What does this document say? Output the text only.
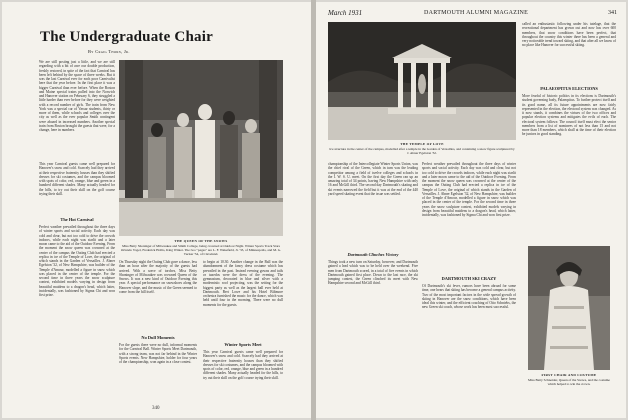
The Undergraduate Chair
By Craig Thorn, Jr.
We are still posting just a little, and we are still regarding with a bit of awe our double production, freshly restored, in spite of the fact that Carnival has been left behind by the space of three weeks. But it was the last Carnival ever for each poor Carnivalist here that the year before. In the first place it was a bigger Carnival than ever before. When the Boston and Maine special trains pulled into the Norwich and Hanover station on February 6, they struggled a little harder than ever before for they were weighted with a record number of girls. The train from New York was a special car of Vassar students, thirty or more of them, while schools and colleges over the city as well as the ever popular Smith contingent were aboard in increased numbers. Another special train from Boston brought the guests that were, for a change, here in numbers.
This year Carnival guests came well prepared for Hanover's snow and cold. Scarcely had they arrived at their respective fraternity houses than they shifted dresses for ski costumes, and the campus bloomed with spots of color, red, orange, blue and green in a hundred different shades. Many actually headed for the hills, to try out their skill on the golf course trying their skill.
The Hot Carnival
Perfect weather prevailed throughout the three days of winter sports and social activity. Each day was cold and clear, but not too cold to drive the crowds indoors, while each night was starlit and a later moon came to the aid of the Outdoor Evening. From the moment the snow queen was crowned at the center of the campus the Outing Club had erected a replica in ice of the Temple of Love, the original of which stands in the Garden of Versailles. J. Abner Egelston '32, of New Hampshire, was builder of the Temple d'Amour, modelled a figure in snow which was placed in the center of the temple. For the second time in three years the snow sculpture contest, exhibited models varying in design from beautiful maidens to a dragon's head, which latter, incidentally, was fashioned by Sigma Chi and won first prize.
THE QUEEN OF THE SNOWS
Miss Betty Shoninger of Milwaukee and Smith College, being crowned at Outdoor Night. Winter Sports Track Stars Orlando Vogel, Frederick Hollis, King Winter. The two "pages" are L. F. Wakefield, Jr. '33, of Minneapolis, and M. G. Tucker '34, of Cleveland.
On Thursday night the Outing Club gave a dance, less than an hour after the majority of the guests had arrived. With a wave of torches, Miss Betty Shoninger of Milwaukee was crowned Queen of the Snows. It was a new kind of Outdoor Evening this year. A special performance on snowshoes along the Hanover slope, and the music of the Green seemed to come from the hill itself.
No Dull Moments
For the guests there were no dull, informal moments for the Carnival Ball. Winter Sports Meet Dartmouth, with a strong team, was not far behind in the Winter Sports events. New Hampshire, holder for four years of the championship, won again in a close contest.
to begin at 10.30. Another change in the Ball was the abandonment of the fancy dress costume which has prevailed in the past. Instead evening gowns and tails or tuxedos were the dress of the evening. The gymnasium, decorated in blue and silver with a modernistic roof projecting, was the setting for the biggest party as well as the largest ball ever held at Dartmouth. Bert Lowe and his Hotel Biltmore orchestra furnished the music for the dance, which was held until four in the morning. There were no dull moments for the guests.
Winter Sports Meet
This year Carnival guests came well prepared for Hanover's snow and cold. Scarcely had they arrived at their respective fraternity houses than they shifted dresses for ski costumes, and the campus bloomed with spots of color, red, orange, blue and green in a hundred different shades. Many actually headed for the hills, to try out their skill on the golf course trying their skill.
340
March 1931	DARTMOUTH ALUMNI MAGAZINE	341
THE TEMPLE OF LOVE
Ice structure in the center of the campus, modelled after a temple in the Garden of Versailles, and containing a snow figure sculptured by J. Abner Egelston '32.
championship of the Intercollegiate Winter Sports Union, was the chief rival of the Green, which in turn was the leading competitor among a field of twelve colleges and schools in the I. W. S. U. meet. On the first day the Green ran up an amazing total of 34 points, having New Hampshire with only 16 and McGill third. The second day Dartmouth's skating and ski events narrowed the field but it was at the end of the 440 yard speed skating event that the issue was settled.
Dartmouth Clinches Victory
Things took a new turn on Saturday, however, and Dartmouth gained a lead which was to be held over the weekend. Five men from Dartmouth scored, in a total of five events in which Dartmouth gained first place. Down to the last race, the ski jumping contest, the Green clinched its meet with New Hampshire second and McGill third.
Perfect weather prevailed throughout the three days of winter sports and social activity. Each day was cold and clear, but not too cold to drive the crowds indoors, while each night was starlit and a later moon came to the aid of the Outdoor Evening. From the moment the snow queen was crowned at the center of the campus the Outing Club had erected a replica in ice of the Temple of Love, the original of which stands in the Garden of Versailles. J. Abner Egelston '32, of New Hampshire, was builder of the Temple d'Amour, modelled a figure in snow which was placed in the center of the temple. For the second time in three years the snow sculpture contest, exhibited models varying in design from beautiful maidens to a dragon's head, which latter, incidentally, was fashioned by Sigma Chi and won first prize.
DARTMOUTH SKI CRAZY
Of Dartmouth's ski fever, rumors have been abroad for some time, one hears that skiing has become a general campus activity. Two of the most important factors in the wide spread growth of skiing in Hanover are the snow conditions, which have been ideal this winter, and the efficient coaching of Otto Schniebs, the new Green ski coach, whose work has been most successful.
called an enthusiastic following under his tutelage, that the recreational department has grown out and now has over 600 members, that snow conditions have been perfect, that throughout the country this winter there has been a general and very noticeable trend toward skiing, and that after all we know of no place like Hanover for successful skiing.
PALAEOPITUS ELECTIONS
More fearful of historic politics in its elections is Dartmouth's student governing body, Palaeopitus. To further protect itself and its good name, all its future appointments are now fairly represented in the election, the electoral system was changed. As it now stands, it combines the virtues of the two offices and popular election systems and mitigates the evils of each. The electoral system follows: The council itself must elect the senior members from a list of nominees of not less than 15 and not more than 18 members, which shall at the time of their election be juniors in good standing.
FIRST CHAIR AND COSTUME
Miss Betty Schneider, Queen of the Snows, and the costume which helped to win the crown.
